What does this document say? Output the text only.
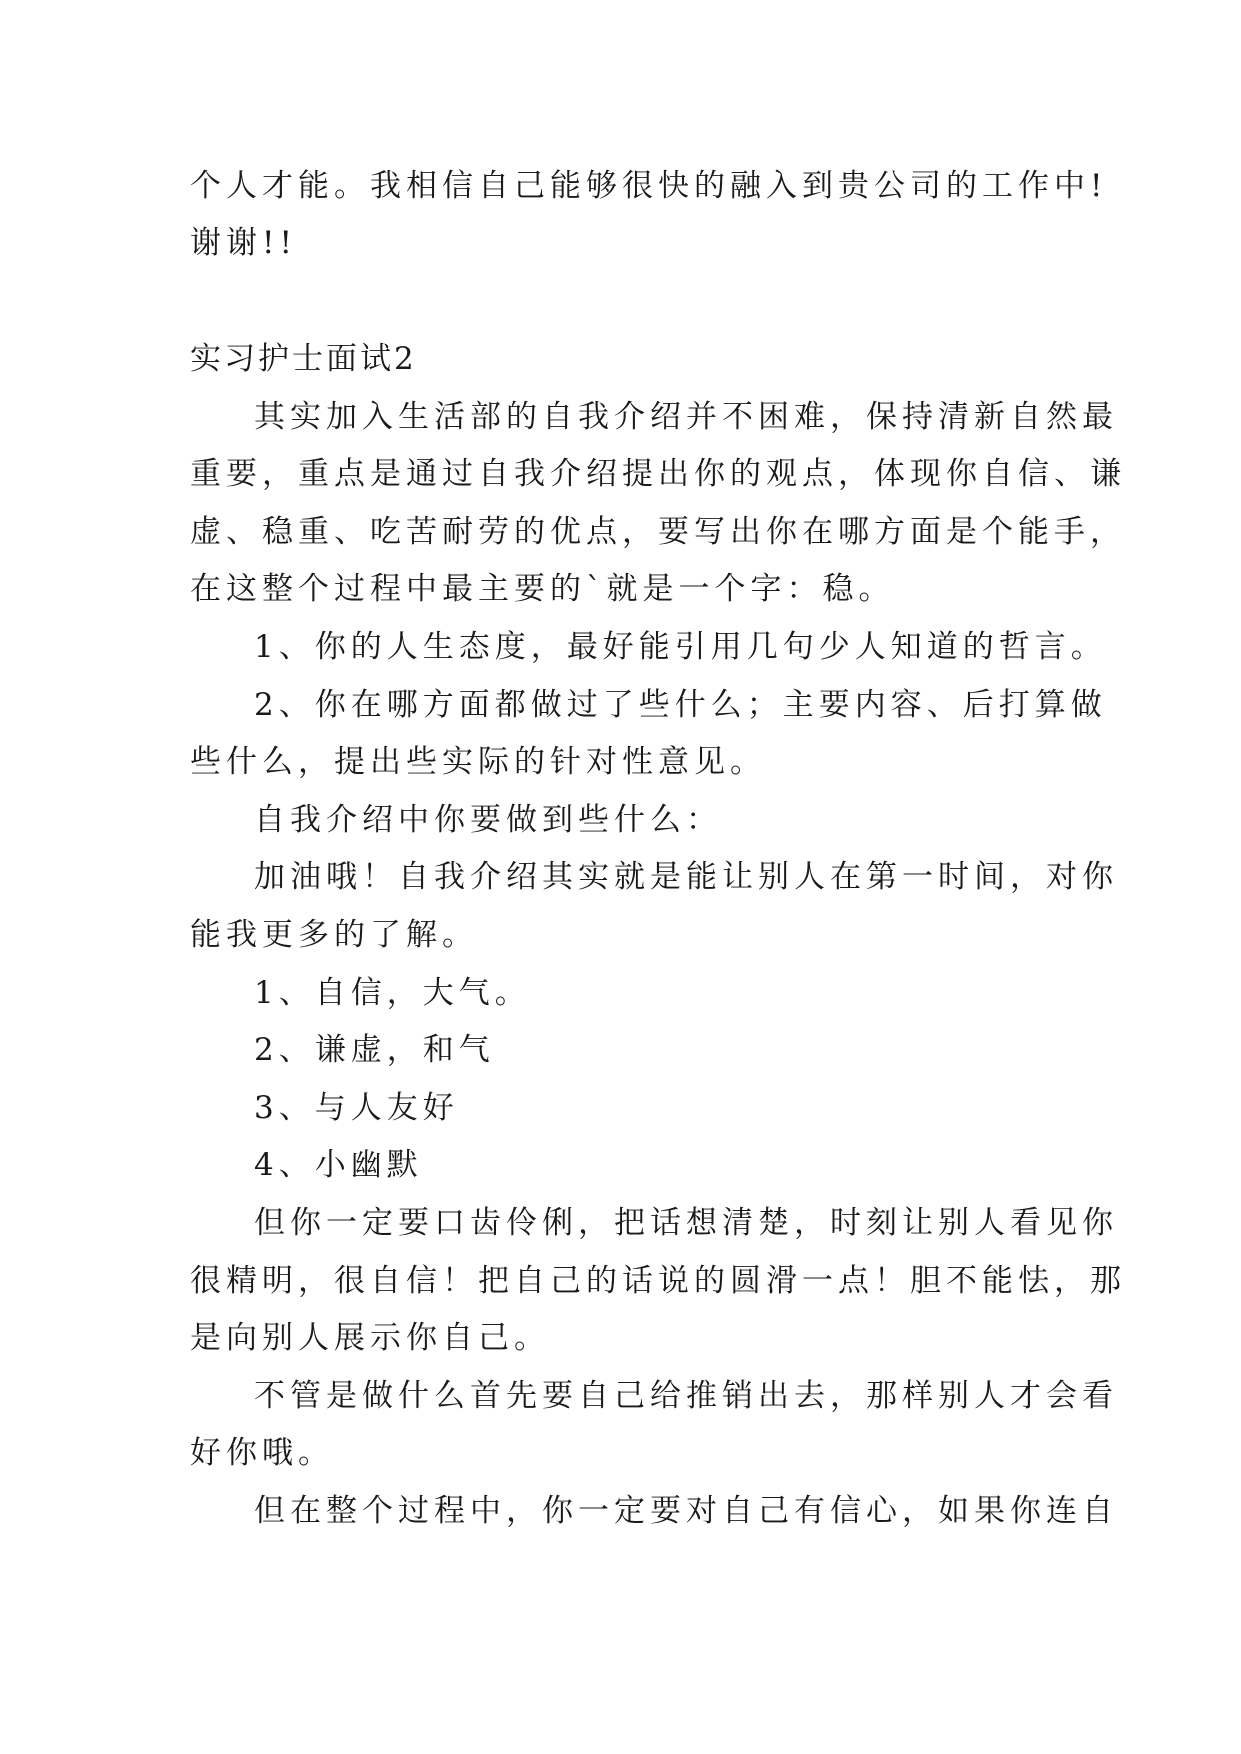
个人才能。我相信自己能够很快的融入到贵公司的工作中!
谢谢!!
实习护士面试2
其实加入生活部的自我介绍并不困难，保持清新自然最
重要，重点是通过自我介绍提出你的观点，体现你自信、谦
虚、稳重、吃苦耐劳的优点，要写出你在哪方面是个能手，
在这整个过程中最主要的`就是一个字：稳。
1、你的人生态度，最好能引用几句少人知道的哲言。
2、你在哪方面都做过了些什么；主要内容、后打算做
些什么，提出些实际的针对性意见。
自我介绍中你要做到些什么：
加油哦！自我介绍其实就是能让别人在第一时间，对你
能我更多的了解。
1、自信，大气。
2、谦虚，和气
3、与人友好
4、小幽默
但你一定要口齿伶俐，把话想清楚，时刻让别人看见你
很精明，很自信！把自己的话说的圆滑一点！胆不能怯，那
是向别人展示你自己。
不管是做什么首先要自己给推销出去，那样别人才会看
好你哦。
但在整个过程中，你一定要对自己有信心，如果你连自
